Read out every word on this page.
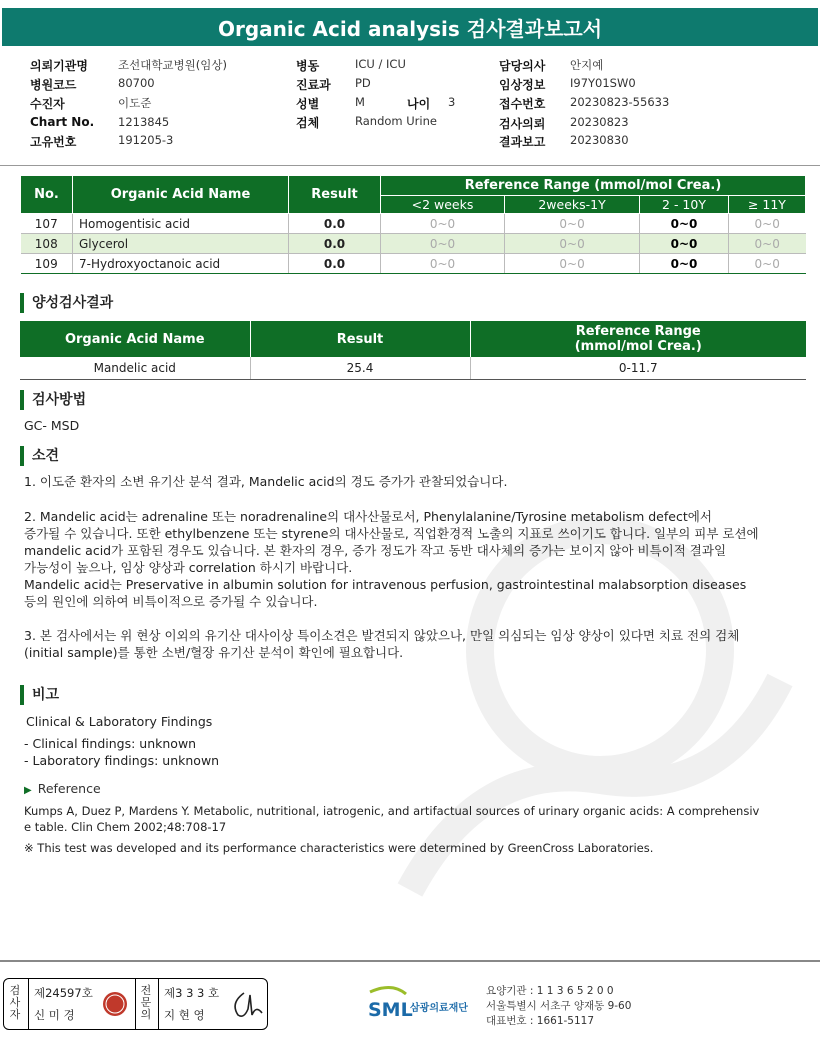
Organic Acid analysis 검사결과보고서
의뢰기관명	조선대학교병원(임상)
병원코드	80700
수진자	이도준
Chart No. 1213845
고유번호	191205-3
병동	ICU / ICU
진료과 PD
성별	M	나이 3
검체	Random Urine
담당의사 안지예
임상정보 I97Y01SW0
접수번호 20230823-55633
검사의뢰 20230823
결과보고 20230830
No.	Organic Acid Name	Result	Reference Range (mmol/mol Crea.)			
			<2 weeks	2weeks-1Y	2 - 10Y	≥ 11Y
107	Homogentisic acid	0.0	0~0	0~0	0~0	0~0
108	Glycerol	0.0	0~0	0~0	0~0	0~0
109	7-Hydroxyoctanoic acid	0.0	0~0	0~0	0~0	0~0
양성검사결과
Organic Acid Name	Result	Reference Range
(mmol/mol Crea.)

Mandelic acid	25.4	0-11.7
검사방법
GC- MSD
소견
1. 이도준 환자의 소변 유기산 분석 결과, Mandelic acid의 경도 증가가 관찰되었습니다.
2. Mandelic acid는 adrenaline 또는 noradrenaline의 대사산물로서, Phenylalanine/Tyrosine metabolism defect에서
증가될 수 있습니다. 또한 ethylbenzene 또는 styrene의 대사산물로, 직업환경적 노출의 지표로 쓰이기도 합니다. 일부의 피부 로션에
mandelic acid가 포함된 경우도 있습니다. 본 환자의 경우, 증가 정도가 작고 동반 대사체의 증가는 보이지 않아 비특이적 결과일
가능성이 높으나, 임상 양상과 correlation 하시기 바랍니다.
Mandelic acid는 Preservative in albumin solution for intravenous perfusion, gastrointestinal malabsorption diseases
등의 원인에 의하여 비특이적으로 증가될 수 있습니다.
3. 본 검사에서는 위 현상 이외의 유기산 대사이상 특이소견은 발견되지 않았으나, 만일 의심되는 임상 양상이 있다면 치료 전의 검체
(initial sample)를 통한 소변/혈장 유기산 분석이 확인에 필요합니다.
비고
Clinical & Laboratory Findings
- Clinical findings: unknown
- Laboratory findings: unknown
▶ Reference
Kumps A, Duez P, Mardens Y. Metabolic, nutritional, iatrogenic, and artifactual sources of urinary organic acids: A comprehensiv
e table. Clin Chem 2002;48:708-17
※ This test was developed and its performance characteristics were determined by GreenCross Laboratories.
검
사
자
제24597호
신 미 경
전
문
의
제3 3 3 호
지 현 영	SML
삼광의료재단
요양기관 : 1 1 3 6 5 2 0 0
서울특별시 서초구 양재동 9-60
대표번호 : 1661-5117
